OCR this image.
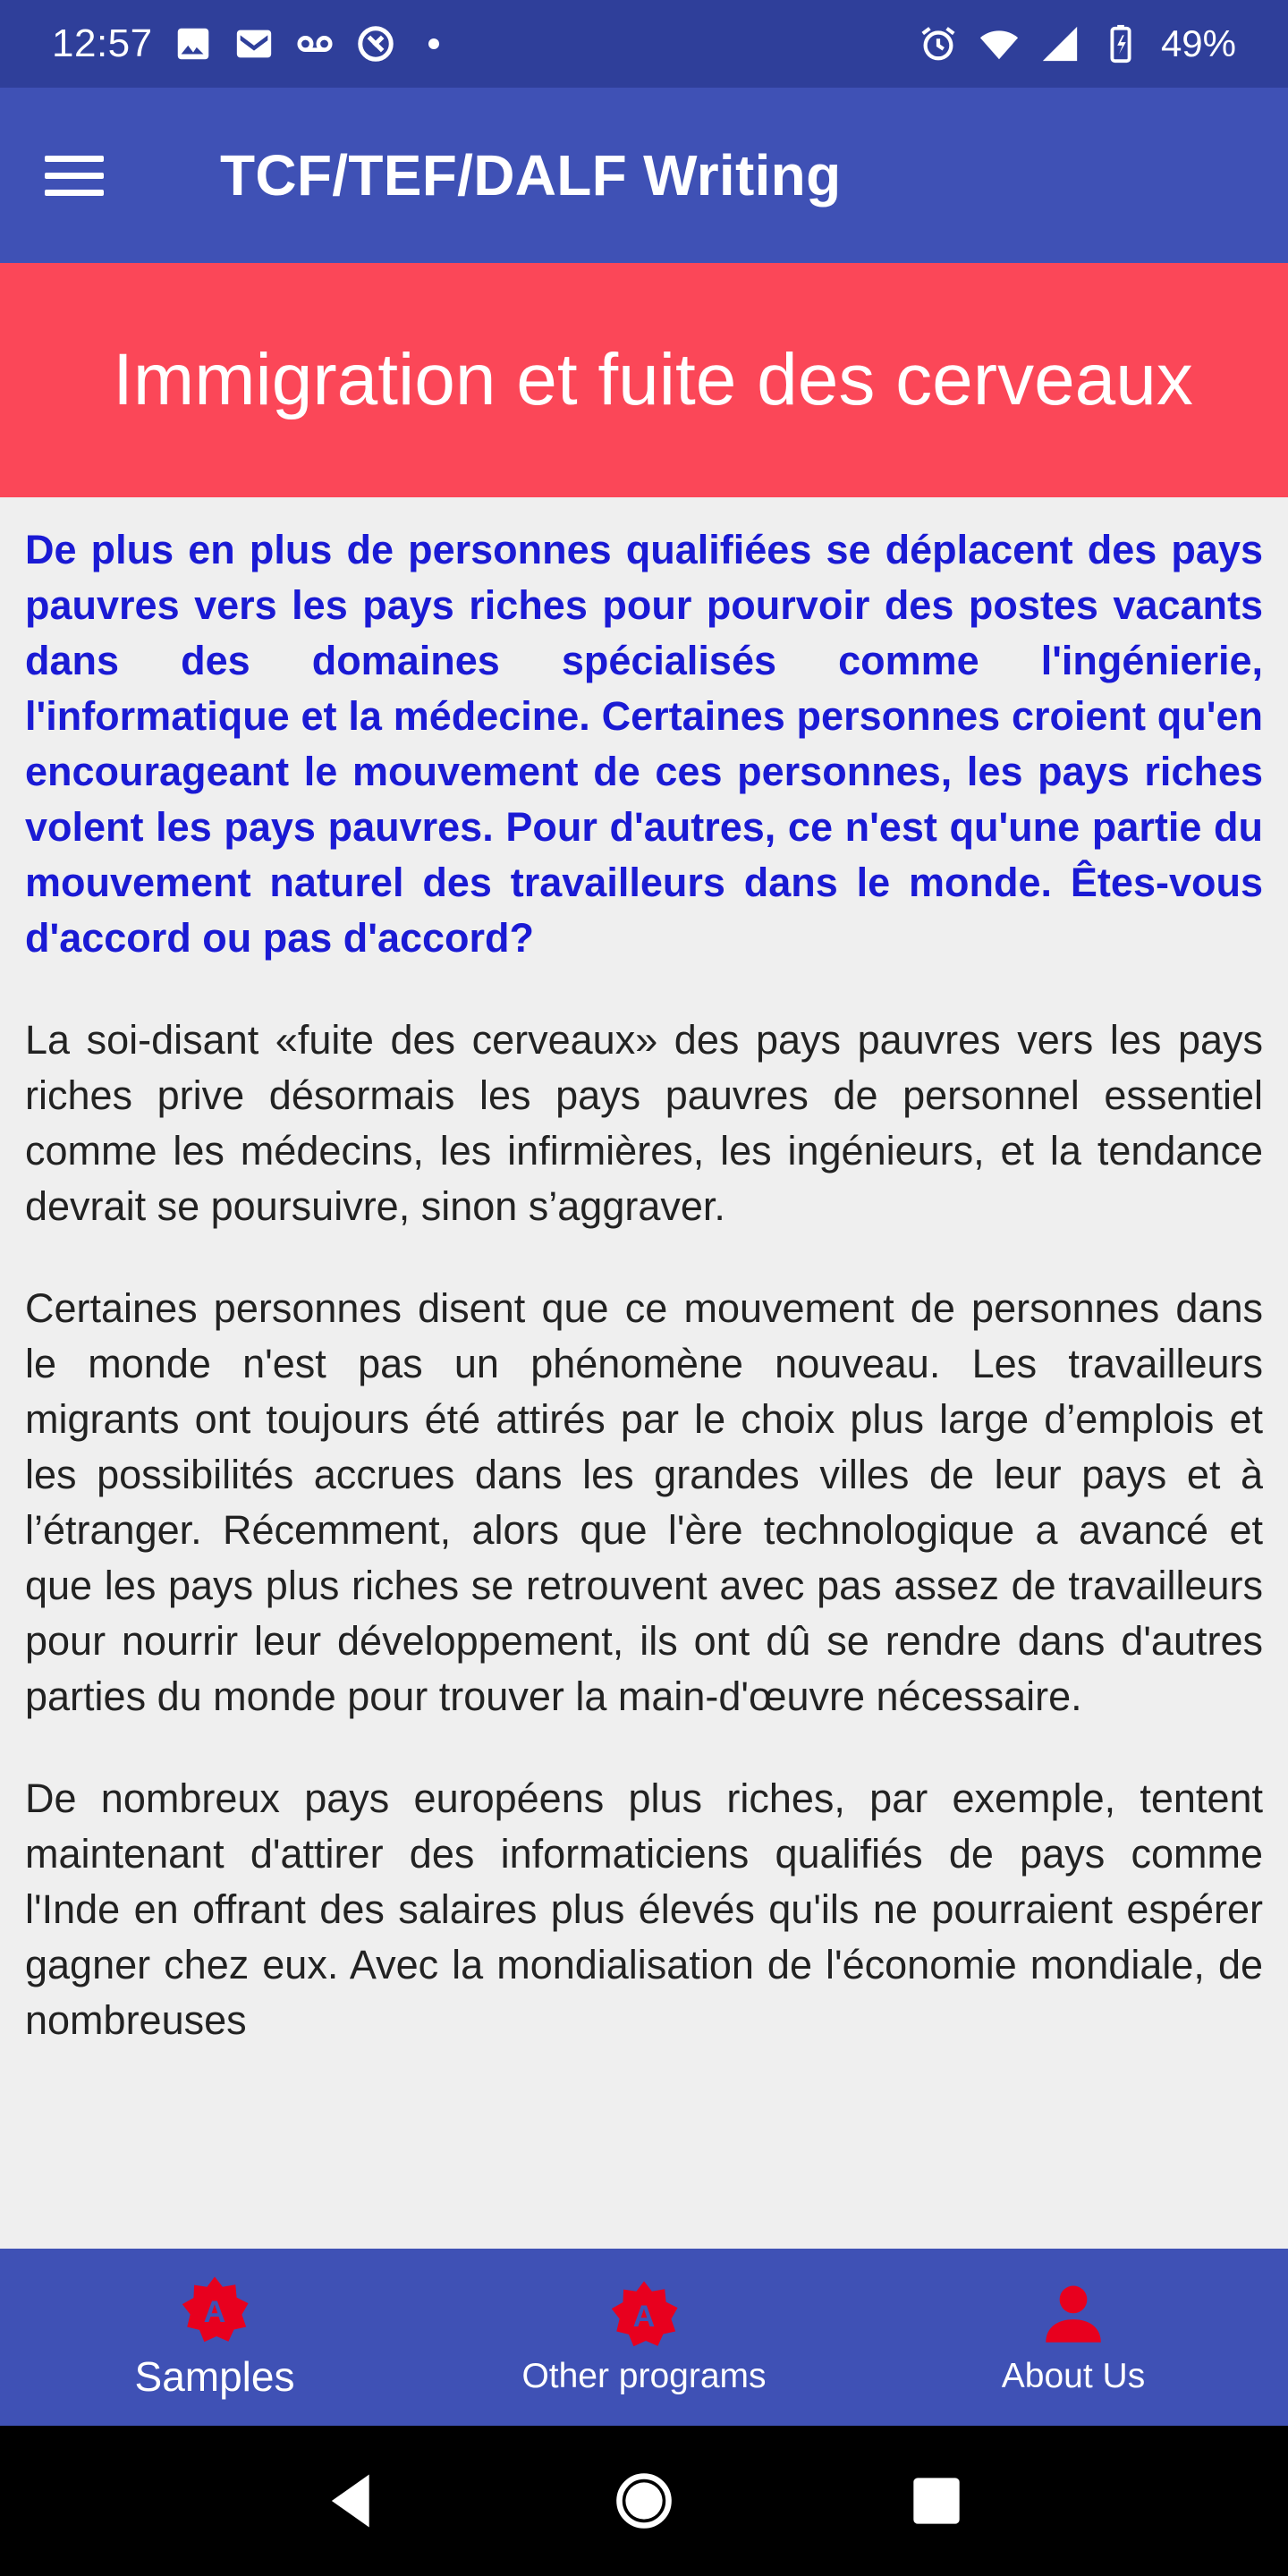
12:57	49%
TCF/TEF/DALF Writing
Immigration et fuite des cerveaux

De plus en plus de personnes qualifiées se déplacent des pays pauvres vers les pays riches pour pourvoir des postes vacants dans des domaines spécialisés comme l'ingénierie, l'informatique et la médecine. Certaines personnes croient qu'en encourageant le mouvement de ces personnes, les pays riches volent les pays pauvres. Pour d'autres, ce n'est qu'une partie du mouvement naturel des travailleurs dans le monde. Êtes-vous d'accord ou pas d'accord?

La soi-disant «fuite des cerveaux» des pays pauvres vers les pays riches prive désormais les pays pauvres de personnel essentiel comme les médecins, les infirmières, les ingénieurs, et la tendance devrait se poursuivre, sinon s’aggraver.

Certaines personnes disent que ce mouvement de personnes dans le monde n'est pas un phénomène nouveau. Les travailleurs migrants ont toujours été attirés par le choix plus large d’emplois et les possibilités accrues dans les grandes villes de leur pays et à l’étranger. Récemment, alors que l'ère technologique a avancé et que les pays plus riches se retrouvent avec pas assez de travailleurs pour nourrir leur développement, ils ont dû se rendre dans d'autres parties du monde pour trouver la main-d'œuvre nécessaire.

De nombreux pays européens plus riches, par exemple, tentent maintenant d'attirer des informaticiens qualifiés de pays comme l'Inde en offrant des salaires plus élevés qu'ils ne pourraient espérer gagner chez eux. Avec la mondialisation de l'économie mondiale, de nombreuses

A
Samples
A
Other programs	About Us
